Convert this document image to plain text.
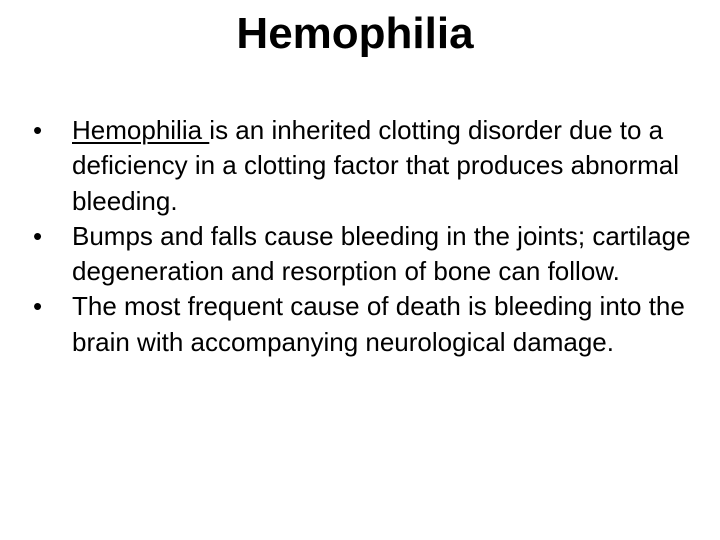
Hemophilia
•	Hemophilia is an inherited clotting disorder due to a deficiency in a clotting factor that produces abnormal bleeding.
•	Bumps and falls cause bleeding in the joints; cartilage degeneration and resorption of bone can follow.
•	The most frequent cause of death is bleeding into the brain with accompanying neurological damage.
